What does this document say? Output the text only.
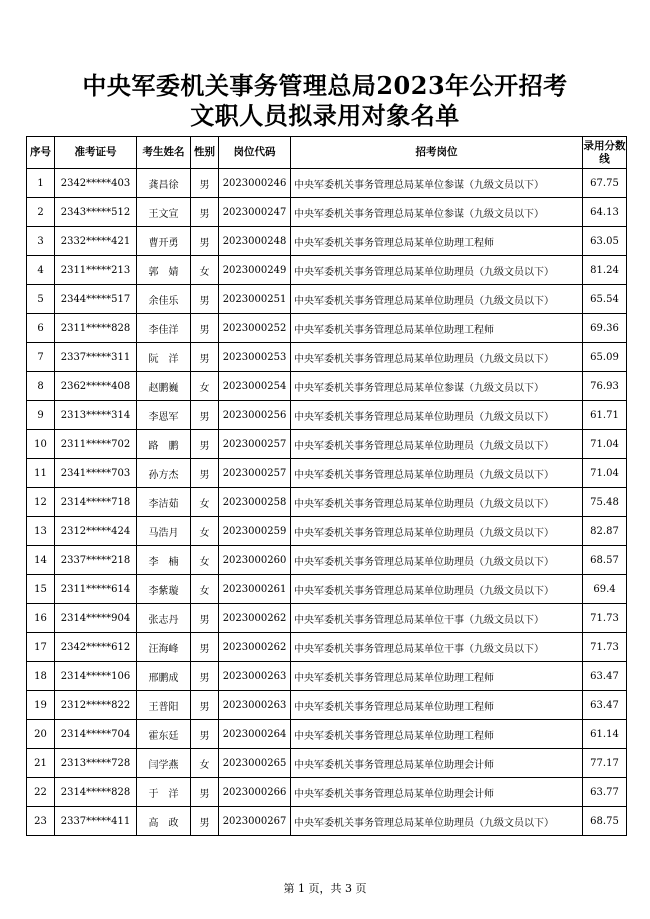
中央军委机关事务管理总局2023年公开招考
文职人员拟录用对象名单
序号	准考证号	考生姓名	性别	岗位代码	招考岗位	录用分数线
1	2342*****403	龚昌徐	男	2023000246	中央军委机关事务管理总局某单位参谋（九级文员以下）	67.75
2	2343*****512	王文宣	男	2023000247	中央军委机关事务管理总局某单位参谋（九级文员以下）	64.13
3	2332*****421	曹开勇	男	2023000248	中央军委机关事务管理总局某单位助理工程师	63.05
4	2311*****213	郭　婧	女	2023000249	中央军委机关事务管理总局某单位助理员（九级文员以下）	81.24
5	2344*****517	余佳乐	男	2023000251	中央军委机关事务管理总局某单位助理员（九级文员以下）	65.54
6	2311*****828	李佳洋	男	2023000252	中央军委机关事务管理总局某单位助理工程师	69.36
7	2337*****311	阮　洋	男	2023000253	中央军委机关事务管理总局某单位助理员（九级文员以下）	65.09
8	2362*****408	赵鹏巍	女	2023000254	中央军委机关事务管理总局某单位参谋（九级文员以下）	76.93
9	2313*****314	李恩军	男	2023000256	中央军委机关事务管理总局某单位助理员（九级文员以下）	61.71
10	2311*****702	路　鹏	男	2023000257	中央军委机关事务管理总局某单位助理员（九级文员以下）	71.04
11	2341*****703	孙方杰	男	2023000257	中央军委机关事务管理总局某单位助理员（九级文员以下）	71.04
12	2314*****718	李洁茹	女	2023000258	中央军委机关事务管理总局某单位助理员（九级文员以下）	75.48
13	2312*****424	马浩月	女	2023000259	中央军委机关事务管理总局某单位助理员（九级文员以下）	82.87
14	2337*****218	李　楠	女	2023000260	中央军委机关事务管理总局某单位助理员（九级文员以下）	68.57
15	2311*****614	李紫璇	女	2023000261	中央军委机关事务管理总局某单位助理员（九级文员以下）	69.4
16	2314*****904	张志丹	男	2023000262	中央军委机关事务管理总局某单位干事（九级文员以下）	71.73
17	2342*****612	汪海峰	男	2023000262	中央军委机关事务管理总局某单位干事（九级文员以下）	71.73
18	2314*****106	邢鹏成	男	2023000263	中央军委机关事务管理总局某单位助理工程师	63.47
19	2312*****822	王普阳	男	2023000263	中央军委机关事务管理总局某单位助理工程师	63.47
20	2314*****704	霍东廷	男	2023000264	中央军委机关事务管理总局某单位助理工程师	61.14
21	2313*****728	闫学燕	女	2023000265	中央军委机关事务管理总局某单位助理会计师	77.17
22	2314*****828	于　洋	男	2023000266	中央军委机关事务管理总局某单位助理会计师	63.77
23	2337*****411	高　政	男	2023000267	中央军委机关事务管理总局某单位助理员（九级文员以下）	68.75
第 1 页，共 3 页
